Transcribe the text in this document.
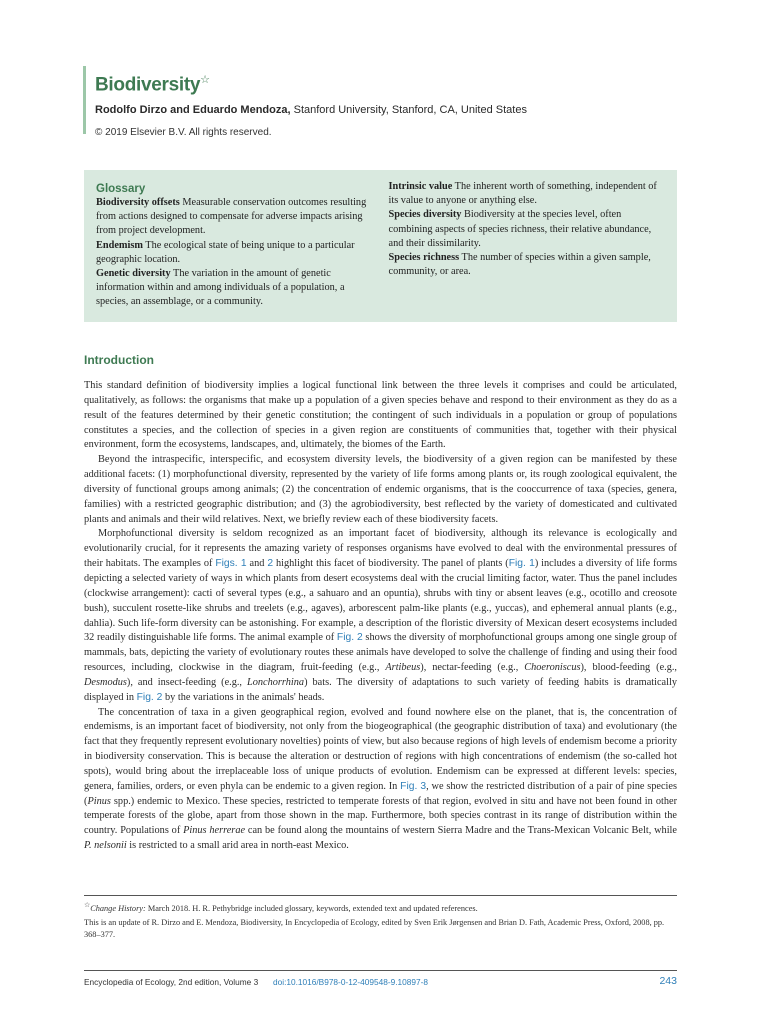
Biodiversity☆
Rodolfo Dirzo and Eduardo Mendoza, Stanford University, Stanford, CA, United States
© 2019 Elsevier B.V. All rights reserved.
Glossary
Biodiversity offsets Measurable conservation outcomes resulting from actions designed to compensate for adverse impacts arising from project development.
Endemism The ecological state of being unique to a particular geographic location.
Genetic diversity The variation in the amount of genetic information within and among individuals of a population, a species, an assemblage, or a community.
Intrinsic value The inherent worth of something, independent of its value to anyone or anything else.
Species diversity Biodiversity at the species level, often combining aspects of species richness, their relative abundance, and their dissimilarity.
Species richness The number of species within a given sample, community, or area.
Introduction

This standard definition of biodiversity implies a logical functional link between the three levels it comprises and could be articulated, qualitatively, as follows: the organisms that make up a population of a given species behave and respond to their environment as they do as a result of the features determined by their genetic constitution; the contingent of such individuals in a population or group of populations constitutes a species, and the collection of species in a given region are constituents of communities that, together with their physical environment, form the ecosystems, landscapes, and, ultimately, the biomes of the Earth.

Beyond the intraspecific, interspecific, and ecosystem diversity levels, the biodiversity of a given region can be manifested by these additional facets: (1) morphofunctional diversity, represented by the variety of life forms among plants or, its rough zoological equivalent, the diversity of functional groups among animals; (2) the concentration of endemic organisms, that is the cooccurrence of taxa (species, genera, families) with a restricted geographic distribution; and (3) the agrobiodiversity, best reflected by the variety of domesticated and cultivated plants and animals and their wild relatives. Next, we briefly review each of these biodiversity facets.

Morphofunctional diversity is seldom recognized as an important facet of biodiversity, although its relevance is ecologically and evolutionarily crucial, for it represents the amazing variety of responses organisms have evolved to deal with the environmental pressures of their habitats. The examples of Figs. 1 and 2 highlight this facet of biodiversity. The panel of plants (Fig. 1) includes a diversity of life forms depicting a selected variety of ways in which plants from desert ecosystems deal with the crucial limiting factor, water. Thus the panel includes (clockwise arrangement): cacti of several types (e.g., a sahuaro and an opuntia), shrubs with tiny or absent leaves (e.g., ocotillo and creosote bush), succulent rosette-like shrubs and treelets (e.g., agaves), arborescent palm-like plants (e.g., yuccas), and ephemeral annual plants (e.g., dahlia). Such life-form diversity can be astonishing. For example, a description of the floristic diversity of Mexican desert ecosystems included 32 readily distinguishable life forms. The animal example of Fig. 2 shows the diversity of morphofunctional groups among one single group of mammals, bats, depicting the variety of evolutionary routes these animals have developed to solve the challenge of finding and using their food resources, including, clockwise in the diagram, fruit-feeding (e.g., Artibeus), nectar-feeding (e.g., Choeroniscus), blood-feeding (e.g., Desmodus), and insect-feeding (e.g., Lonchorrhina) bats. The diversity of adaptations to such variety of feeding habits is dramatically displayed in Fig. 2 by the variations in the animals' heads.

The concentration of taxa in a given geographical region, evolved and found nowhere else on the planet, that is, the concentration of endemisms, is an important facet of biodiversity, not only from the biogeographical (the geographic distribution of taxa) and evolutionary (the fact that they frequently represent evolutionary novelties) points of view, but also because regions of high levels of endemism become a priority in biodiversity conservation. This is because the alteration or destruction of regions with high concentrations of endemism (the so-called hot spots), would bring about the irreplaceable loss of unique products of evolution. Endemism can be expressed at different levels: species, genera, families, orders, or even phyla can be endemic to a given region. In Fig. 3, we show the restricted distribution of a pair of pine species (Pinus spp.) endemic to Mexico. These species, restricted to temperate forests of that region, evolved in situ and have not been found in other temperate forests of the globe, apart from those shown in the map. Furthermore, both species contrast in its range of distribution within the country. Populations of Pinus herrerae can be found along the mountains of western Sierra Madre and the Trans-Mexican Volcanic Belt, while P. nelsonii is restricted to a small arid area in north-east Mexico.

☆Change History: March 2018. H. R. Pethybridge included glossary, keywords, extended text and updated references.

This is an update of R. Dirzo and E. Mendoza, Biodiversity, In Encyclopedia of Ecology, edited by Sven Erik Jørgensen and Brian D. Fath, Academic Press, Oxford, 2008, pp. 368–377.

Encyclopedia of Ecology, 2nd edition, Volume 3 doi:10.1016/B978-0-12-409548-9.10897-8	243
